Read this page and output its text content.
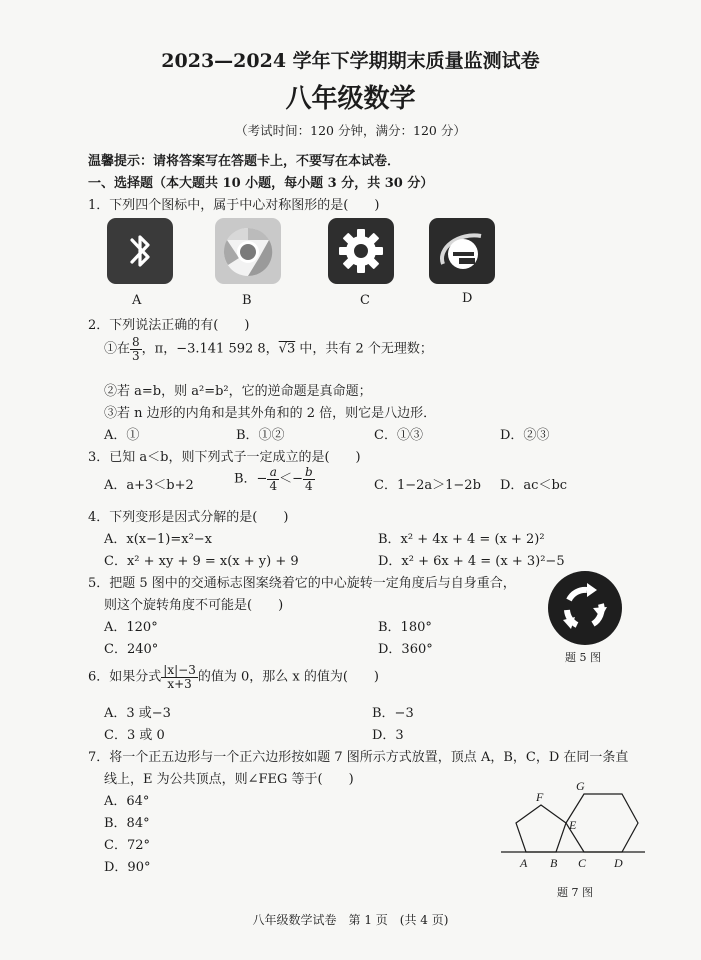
2023—2024 学年下学期期末质量监测试卷
八年级数学
（考试时间：120 分钟，满分：120 分）
温馨提示：请将答案写在答题卡上，不要写在本试卷．
一、选择题（本大题共 10 小题，每小题 3 分，共 30 分）
1．下列四个图标中，属于中心对称图形的是(　　)
A	B	C	D
2．下列说法正确的有(　　)
①在 $\frac{8}{3}$ ，π，−3.141 592 8，√3 中，共有 2 个无理数；
②若 a=b，则 a²=b²，它的逆命题是真命题；
③若 n 边形的内角和是其外角和的 2 倍，则它是八边形．
A．①	B．①②	C．①③	D．②③
3．已知 a＜b，则下列式子一定成立的是(　　)
A．a+3＜b+2	B．− $\frac{a}{4} <- \frac{b}{4}$	C．1−2a＞1−2b D．ac＜bc
4．下列变形是因式分解的是(　　)
A．x(x−1)=x²−x	B．x² + 4x + 4 = (x + 2)²
C．x² + xy + 9 = x(x + y) + 9	D．x² + 6x + 4 = (x + 3)²−5
5．把题 5 图中的交通标志图案绕着它的中心旋转一定角度后与自身重合，
则这个旋转角度不可能是(　　)
A．120°	B．180°
C．240°	D．360°
题 5 图
6．如果分式 $\frac{|x|-3}{x+3}$ 的值为 0，那么 x 的值为(　　)
A．3 或−3	B．−3
C．3 或 0	D．3
7．将一个正五边形与一个正六边形按如题 7 图所示方式放置，顶点 A，B，C，D 在同一条直
线上，E 为公共顶点，则∠FEG 等于(　　)
A．64°
B．84°
C．72°
D．90°
F
G
E
A B C D
题 7 图
八年级数学试卷　第 1 页　(共 4 页)
